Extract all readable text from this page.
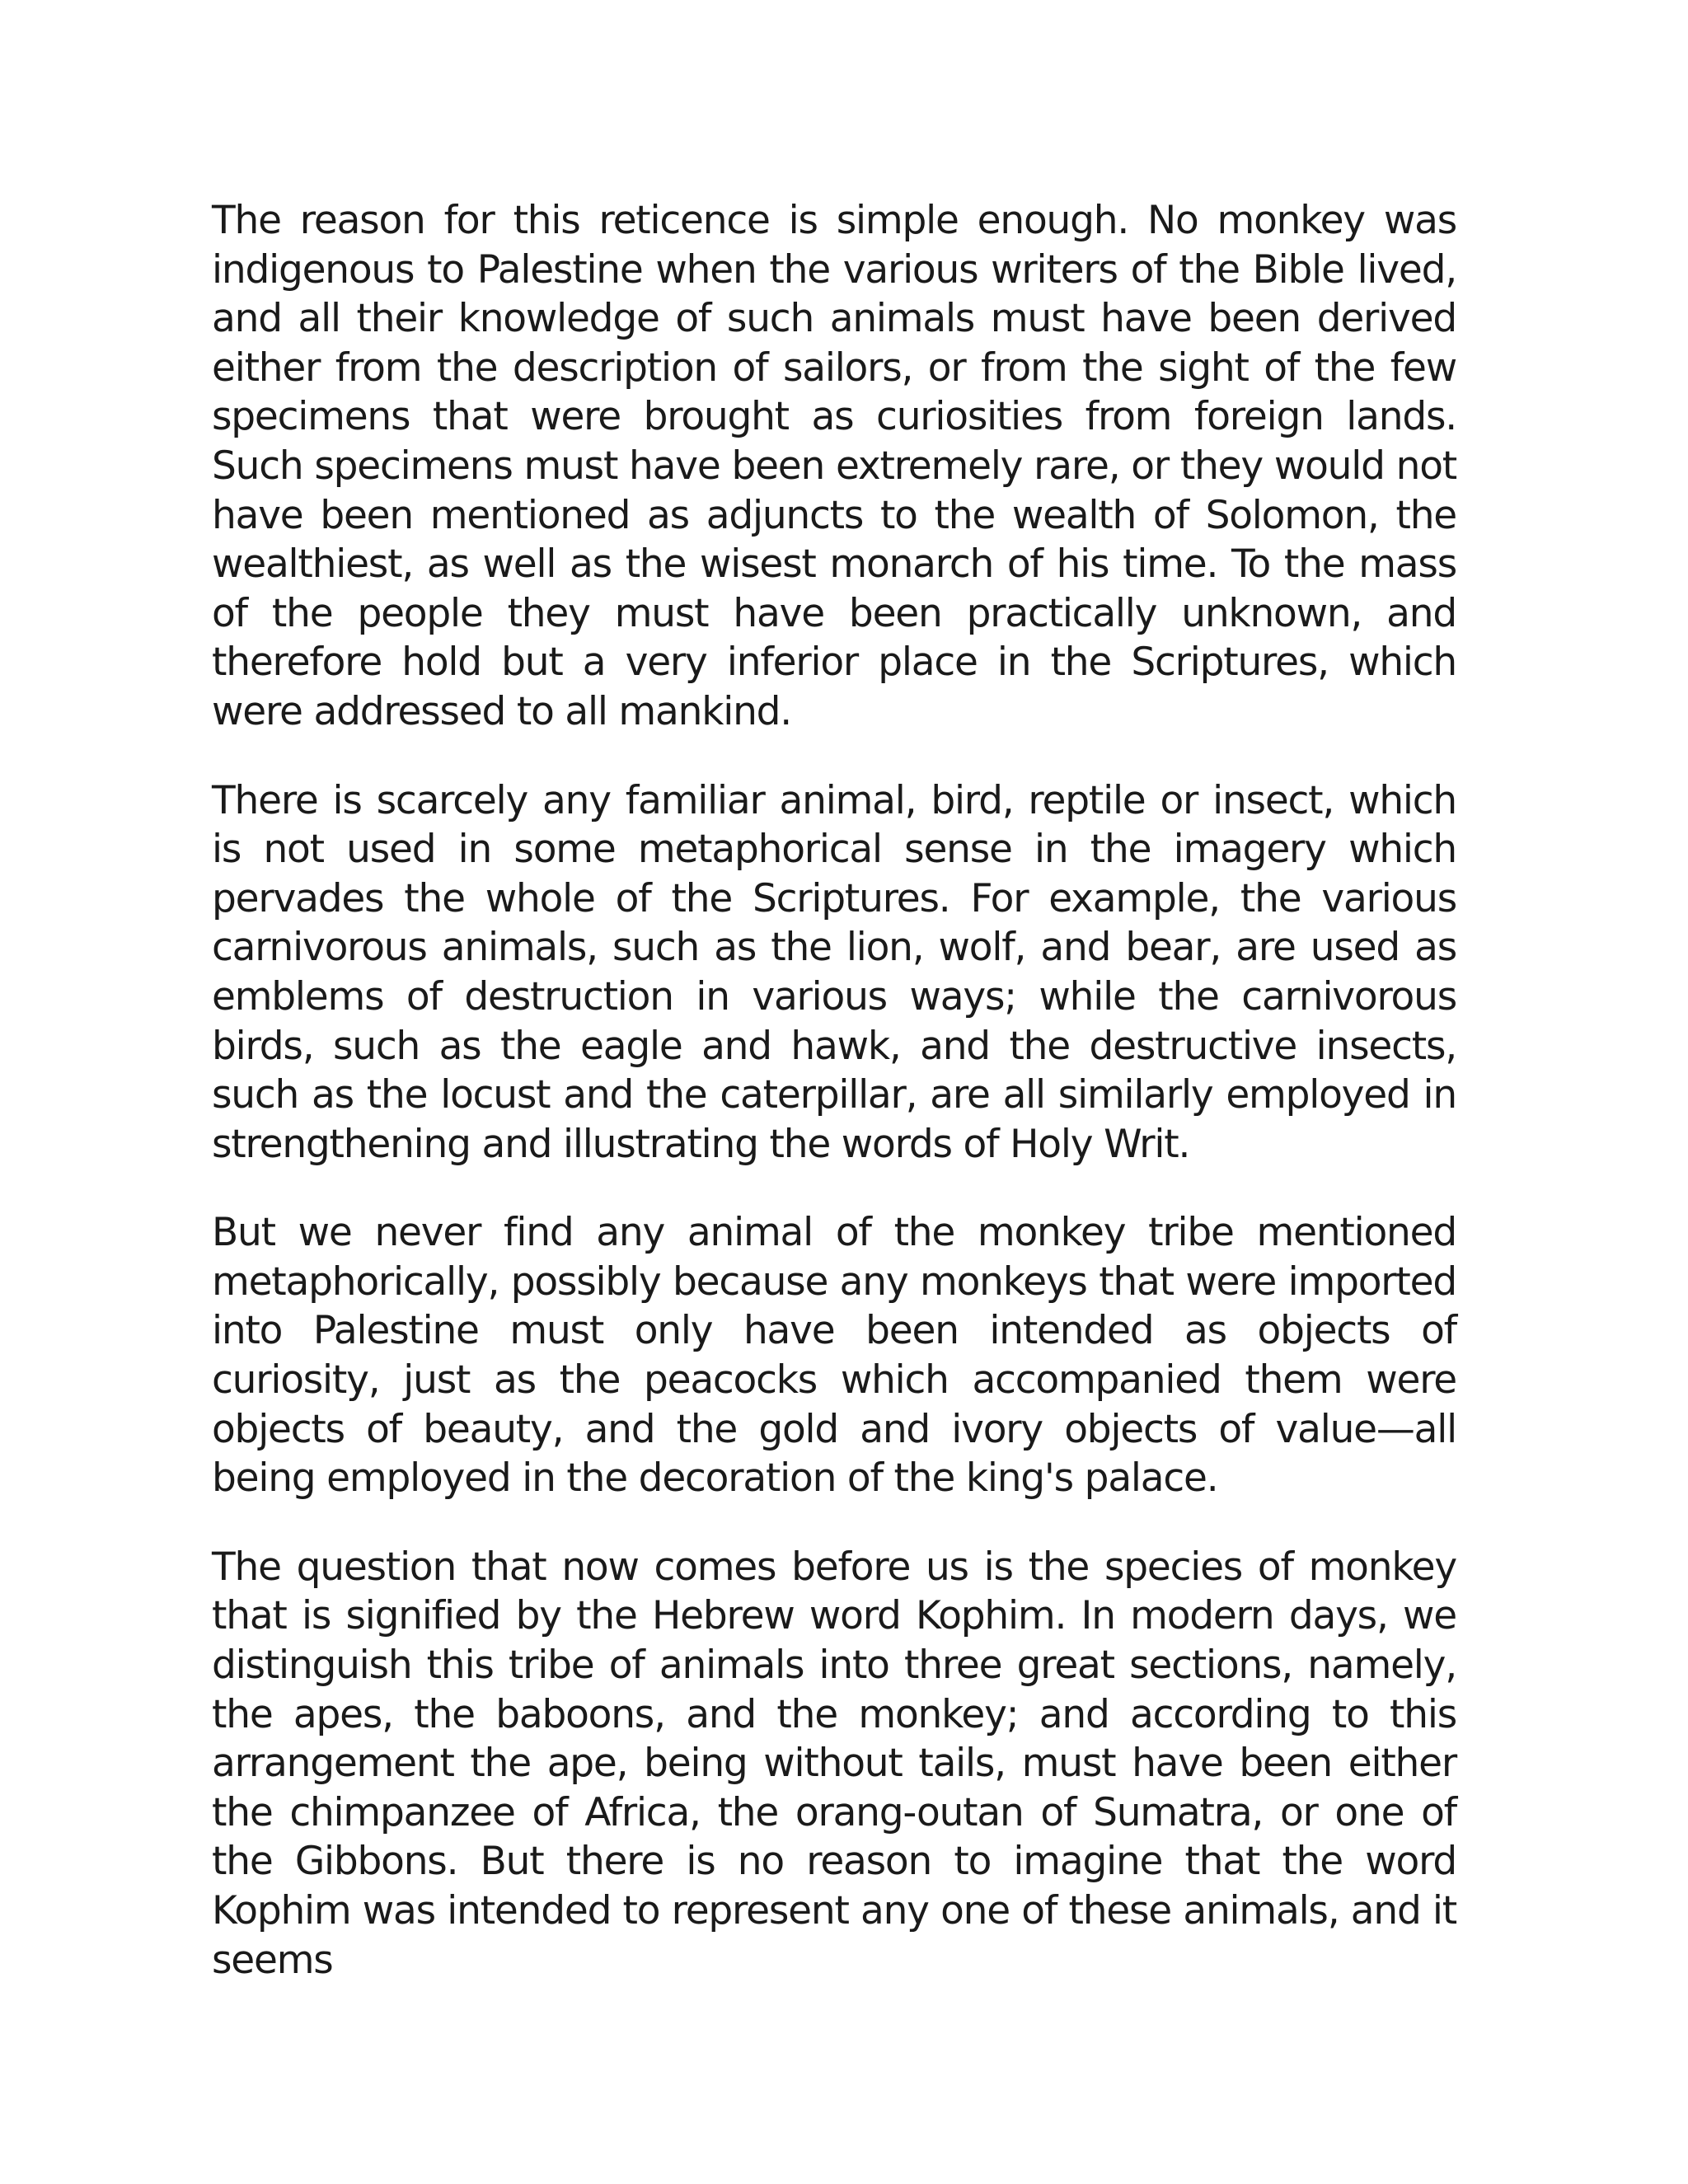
The reason for this reticence is simple enough. No monkey was indigenous to Palestine when the various writers of the Bible lived, and all their knowledge of such animals must have been derived either from the description of sailors, or from the sight of the few specimens that were brought as curiosities from foreign lands. Such specimens must have been extremely rare, or they would not have been mentioned as adjuncts to the wealth of Solomon, the wealthiest, as well as the wisest monarch of his time. To the mass of the people they must have been practically unknown, and therefore hold but a very inferior place in the Scriptures, which were addressed to all mankind.

There is scarcely any familiar animal, bird, reptile or insect, which is not used in some metaphorical sense in the imagery which pervades the whole of the Scriptures. For example, the various carnivorous animals, such as the lion, wolf, and bear, are used as emblems of destruction in various ways; while the carnivorous birds, such as the eagle and hawk, and the destructive insects, such as the locust and the caterpillar, are all similarly employed in strengthening and illustrating the words of Holy Writ.

But we never find any animal of the monkey tribe mentioned metaphorically, possibly because any monkeys that were imported into Palestine must only have been intended as objects of curiosity, just as the peacocks which accompanied them were objects of beauty, and the gold and ivory objects of value—all being employed in the decoration of the king's palace.

The question that now comes before us is the species of monkey that is signified by the Hebrew word Kophim. In modern days, we distinguish this tribe of animals into three great sections, namely, the apes, the baboons, and the monkey; and according to this arrangement the ape, being without tails, must have been either the chimpanzee of Africa, the orang-outan of Sumatra, or one of the Gibbons. But there is no reason to imagine that the word Kophim was intended to represent any one of these animals, and it seems
